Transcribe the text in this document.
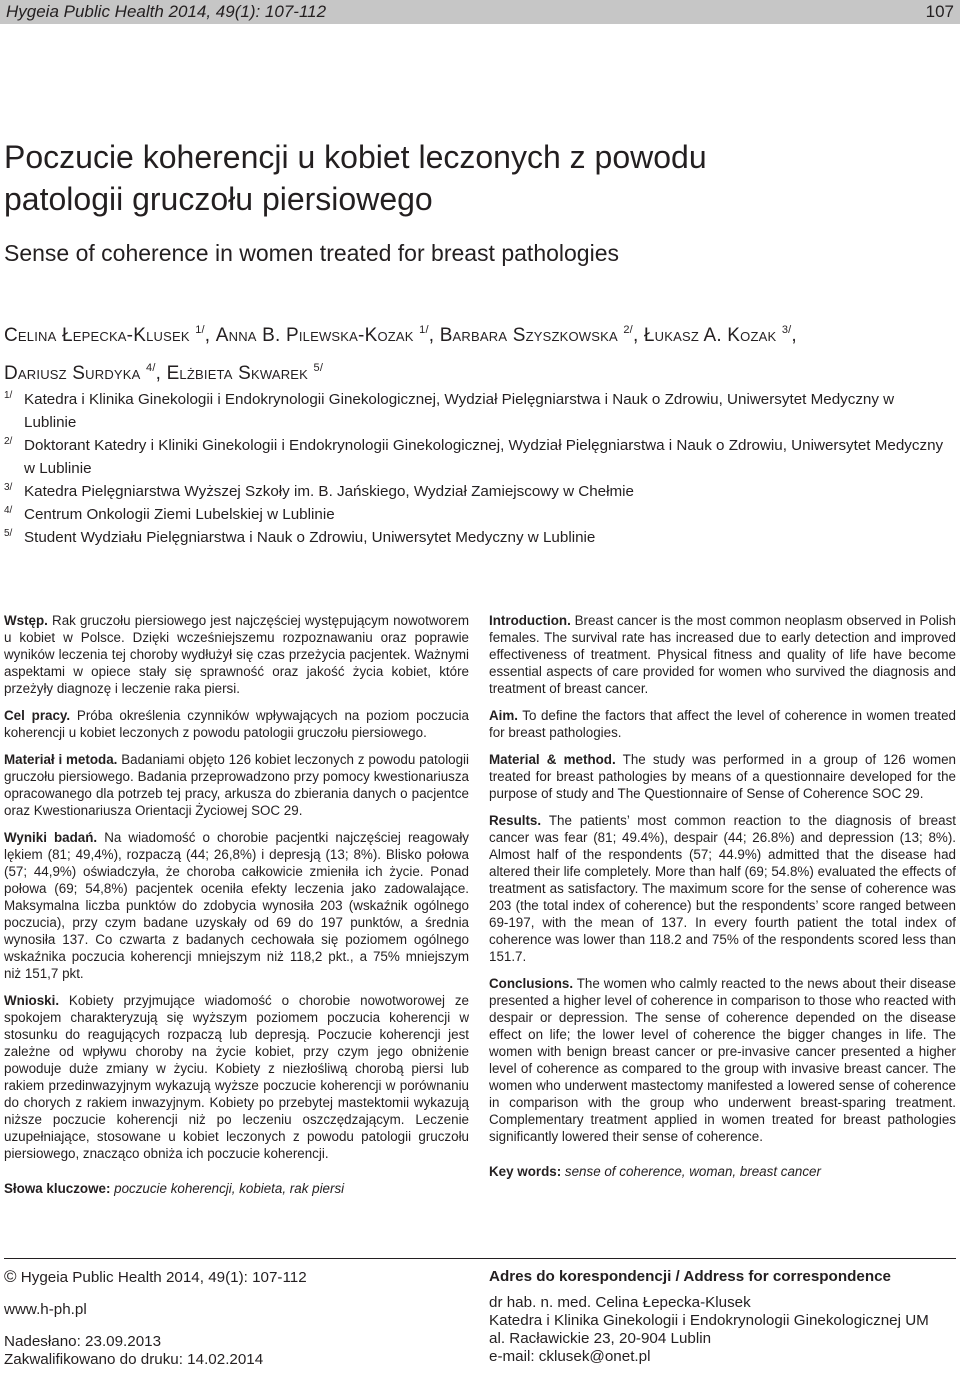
Hygeia Public Health 2014, 49(1): 107-112	107
Poczucie koherencji u kobiet leczonych z powodu
patologii gruczołu piersiowego
Sense of coherence in women treated for breast pathologies
Celina Łepecka-Klusek $^{1/}$, Anna B. Pilewska-Kozak $^{1/}$, Barbara Szyszkowska $^{2/}$, Łukasz A. Kozak $^{3/}$,
Dariusz Surdyka $^{4/}$, Elżbieta Skwarek $^{5/}$
1/ Katedra i Klinika Ginekologii i Endokrynologii Ginekologicznej, Wydział Pielęgniarstwa i Nauk o Zdrowiu, Uniwersytet Medyczny w Lublinie
2/ Doktorant Katedry i Kliniki Ginekologii i Endokrynologii Ginekologicznej, Wydział Pielęgniarstwa i Nauk o Zdrowiu, Uniwersytet Medyczny w Lublinie
3/ Katedra Pielęgniarstwa Wyższej Szkoły im. B. Jańskiego, Wydział Zamiejscowy w Chełmie
4/ Centrum Onkologii Ziemi Lubelskiej w Lublinie
5/ Student Wydziału Pielęgniarstwa i Nauk o Zdrowiu, Uniwersytet Medyczny w Lublinie

Wstęp. Rak gruczołu piersiowego jest najczęściej występującym nowotworem u kobiet w Polsce. Dzięki wcześniejszemu rozpoznawaniu oraz poprawie wyników leczenia tej choroby wydłużył się czas przeżycia pacjentek. Ważnymi aspektami w opiece stały się sprawność oraz jakość życia kobiet, które przeżyły diagnozę i leczenie raka piersi.

Cel pracy. Próba określenia czynników wpływających na poziom poczucia koherencji u kobiet leczonych z powodu patologii gruczołu piersiowego.

Materiał i metoda. Badaniami objęto 126 kobiet leczonych z powodu patologii gruczołu piersiowego. Badania przeprowadzono przy pomocy kwestionariusza opracowanego dla potrzeb tej pracy, arkusza do zbierania danych o pacjentce oraz Kwestionariusza Orientacji Życiowej SOC 29.

Wyniki badań. Na wiadomość o chorobie pacjentki najczęściej reagowały lękiem (81; 49,4%), rozpaczą (44; 26,8%) i depresją (13; 8%). Blisko połowa (57; 44,9%) oświadczyła, że choroba całkowicie zmieniła ich życie. Ponad połowa (69; 54,8%) pacjentek oceniła efekty leczenia jako zadowalające. Maksymalna liczba punktów do zdobycia wynosiła 203 (wskaźnik ogólnego poczucia), przy czym badane uzyskały od 69 do 197 punktów, a średnia wynosiła 137. Co czwarta z badanych cechowała się poziomem ogólnego wskaźnika poczucia koherencji mniejszym niż 118,2 pkt., a 75% mniejszym niż 151,7 pkt.

Wnioski. Kobiety przyjmujące wiadomość o chorobie nowotworowej ze spokojem charakteryzują się wyższym poziomem poczucia koherencji w stosunku do reagujących rozpaczą lub depresją. Poczucie koherencji jest zależne od wpływu choroby na życie kobiet, przy czym jego obniżenie powoduje duże zmiany w życiu. Kobiety z niezłośliwą chorobą piersi lub rakiem przedinwazyjnym wykazują wyższe poczucie koherencji w porównaniu do chorych z rakiem inwazyjnym. Kobiety po przebytej mastektomii wykazują niższe poczucie koherencji niż po leczeniu oszczędzającym. Leczenie uzupełniające, stosowane u kobiet leczonych z powodu patologii gruczołu piersiowego, znacząco obniża ich poczucie koherencji.

Słowa kluczowe: poczucie koherencji, kobieta, rak piersi

Introduction. Breast cancer is the most common neoplasm observed in Polish females. The survival rate has increased due to early detection and improved effectiveness of treatment. Physical fitness and quality of life have become essential aspects of care provided for women who survived the diagnosis and treatment of breast cancer.

Aim. To define the factors that affect the level of coherence in women treated for breast pathologies.

Material & method. The study was performed in a group of 126 women treated for breast pathologies by means of a questionnaire developed for the purpose of study and The Questionnaire of Sense of Coherence SOC 29.

Results. The patients’ most common reaction to the diagnosis of breast cancer was fear (81; 49.4%), despair (44; 26.8%) and depression (13; 8%). Almost half of the respondents (57; 44.9%) admitted that the disease had altered their life completely. More than half (69; 54.8%) evaluated the effects of treatment as satisfactory. The maximum score for the sense of coherence was 203 (the total index of coherence) but the respondents’ score ranged between 69-197, with the mean of 137. In every fourth patient the total index of coherence was lower than 118.2 and 75% of the respondents scored less than 151.7.

Conclusions. The women who calmly reacted to the news about their disease presented a higher level of coherence in comparison to those who reacted with despair or depression. The sense of coherence depended on the disease effect on life; the lower level of coherence the bigger changes in life. The women with benign breast cancer or pre-invasive cancer presented a higher level of coherence as compared to the group with invasive breast cancer. The women who underwent mastectomy manifested a lowered sense of coherence in comparison with the group who underwent breast-sparing treatment. Complementary treatment applied in women treated for breast pathologies significantly lowered their sense of coherence.

Key words: sense of coherence, woman, breast cancer

© Hygeia Public Health 2014, 49(1): 107-112
www.h-ph.pl
Nadesłano: 23.09.2013
Zakwalifikowano do druku: 14.02.2014
Adres do korespondencji / Address for correspondence
dr hab. n. med. Celina Łepecka-Klusek
Katedra i Klinika Ginekologii i Endokrynologii Ginekologicznej UM
al. Racławickie 23, 20-904 Lublin
e-mail: cklusek@onet.pl
